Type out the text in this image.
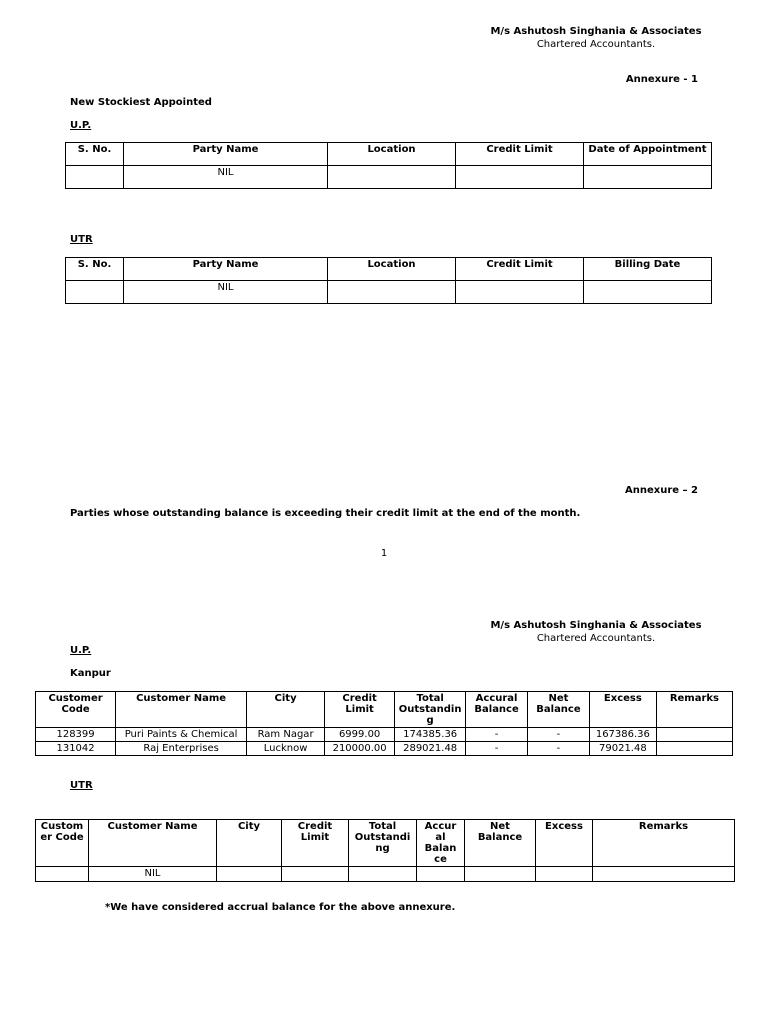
M/s Ashutosh Singhania & Associates
Chartered Accountants.
Annexure - 1
New Stockiest Appointed
U.P.
S. No.	Party Name	Location	Credit Limit	Date of Appointment
	NIL			
UTR
S. No.	Party Name	Location	Credit Limit	Billing Date
	NIL			
Annexure – 2
Parties whose outstanding balance is exceeding their credit limit at the end of the month.
1
M/s Ashutosh Singhania & Associates
Chartered Accountants.
U.P.
Kanpur
Customer Code	Customer Name	City	Credit Limit	Total Outstandin g	Accural Balance	Net Balance	Excess	Remarks
128399	Puri Paints & Chemical	Ram Nagar	6999.00	174385.36	-	-	167386.36	
131042	Raj Enterprises	Lucknow	210000.00	289021.48	-	-	79021.48	
UTR
Custom er Code	Customer Name	City	Credit Limit	Total Outstandi ng	Accur al Balan ce	Net Balance	Excess	Remarks
	NIL							
*We have considered accrual balance for the above annexure.
